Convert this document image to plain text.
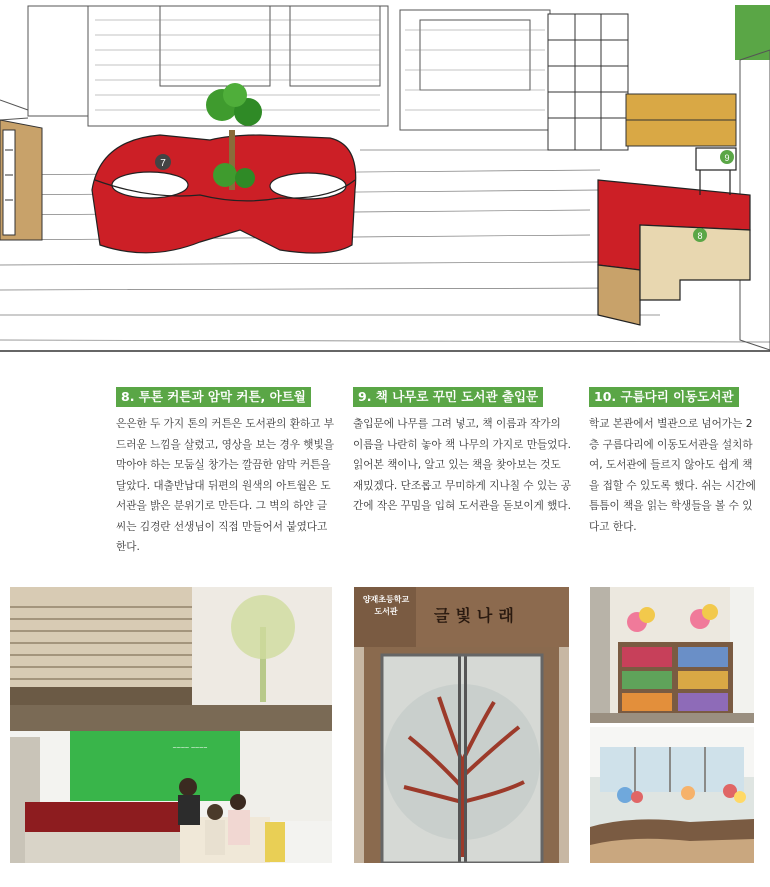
7
8
9
8. 투톤 커튼과 암막 커튼, 아트월
은은한 두 가지 톤의 커튼은 도서관의 환하고 부드러운 느낌을 살렸고, 영상을 보는 경우 햇빛을 막아야 하는 모둠실 창가는 깔끔한 암막 커튼을 달았다. 대출반납대 뒤편의 원색의 아트월은 도서관을 밝은 분위기로 만든다. 그 벽의 하얀 글씨는 김경란 선생님이 직접 만들어서 붙였다고 한다.
9. 책 나무로 꾸민 도서관 출입문
출입문에 나무를 그려 넣고, 책 이름과 작가의 이름을 나란히 놓아 책 나무의 가지로 만들었다. 읽어본 책이나, 알고 있는 책을 찾아보는 것도 재밌겠다. 단조롭고 무미하게 지나칠 수 있는 공간에 작은 꾸밈을 입혀 도서관을 돋보이게 했다.
10. 구름다리 이동도서관
학교 본관에서 별관으로 넘어가는 2층 구름다리에 이동도서관을 설치하여, 도서관에 들르지 않아도 쉽게 책을 접할 수 있도록 했다. 쉬는 시간에 틈틈이 책을 읽는 학생들을 볼 수 있다고 한다.
~~~~ ~~~~
양재초등학교
도서관	글빛나래
